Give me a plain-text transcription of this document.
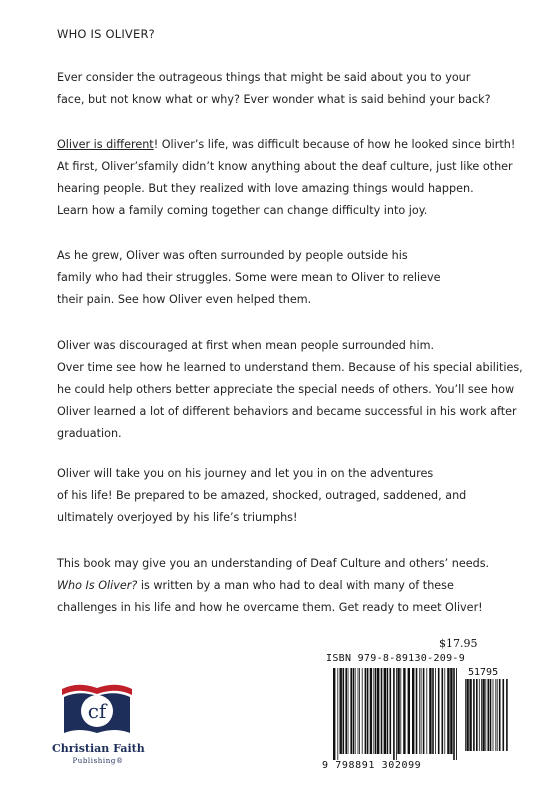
WHO IS OLIVER?
Ever consider the outrageous things that might be said about you to your
face, but not know what or why? Ever wonder what is said behind your back?
Oliver is different! Oliver’s life, was difficult because of how he looked since birth!
At first, Oliver’sfamily didn’t know anything about the deaf culture, just like other
hearing people. But they realized with love amazing things would happen.
Learn how a family coming together can change difficulty into joy.
As he grew, Oliver was often surrounded by people outside his
family who had their struggles. Some were mean to Oliver to relieve
their pain. See how Oliver even helped them.
Oliver was discouraged at first when mean people surrounded him.
Over time see how he learned to understand them. Because of his special abilities,
he could help others better appreciate the special needs of others. You’ll see how
Oliver learned a lot of different behaviors and became successful in his work after
graduation.
Oliver will take you on his journey and let you in on the adventures
of his life! Be prepared to be amazed, shocked, outraged, saddened, and
ultimately overjoyed by his life’s triumphs!
This book may give you an understanding of Deaf Culture and others’ needs.
Who Is Oliver? is written by a man who had to deal with many of these
challenges in his life and how he overcame them. Get ready to meet Oliver!
$17.95
ISBN 979-8-89130-209-9
51795
9 798891 302099
cf
Christian Faith
Publishing®
